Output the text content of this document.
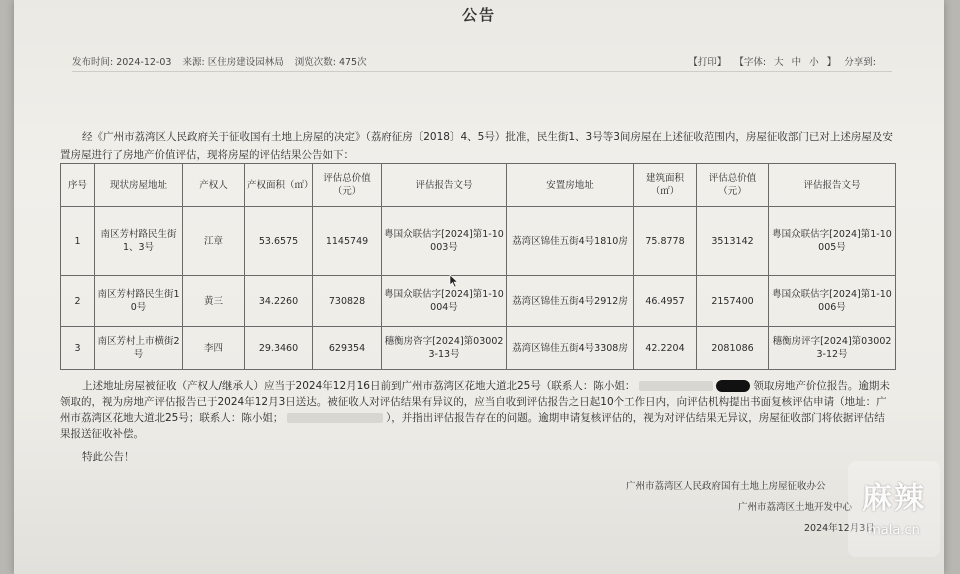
公告
发布时间: 2024-12-03 来源: 区住房建设园林局 浏览次数: 475次	【打印】 【字体: 大 中 小 】 分享到:
经《广州市荔湾区人民政府关于征收国有土地上房屋的决定》（荔府征房〔2018〕4、5号）批准，民生街1、3号等3间房屋在上述征收范围内，房屋征收部门已对上述房屋及安置房屋进行了房地产价值评估，现将房屋的评估结果公告如下：
序号	现状房屋地址	产权人	产权面积（㎡）	评估总价值（元）	评估报告文号	安置房地址	建筑面积（㎡）	评估总价值（元）	评估报告文号
1	南区芳村路民生街1、3号	江章	53.6575	1145749	粤国众联估字[2024]第1-10003号	荔湾区锦佳五街4号1810房	75.8778	3513142	粤国众联估字[2024]第1-10005号
2	南区芳村路民生街10号	黄三	34.2260	730828	粤国众联估字[2024]第1-10004号	荔湾区锦佳五街4号2912房	46.4957	2157400	粤国众联估字[2024]第1-10006号
3	南区芳村上市横街2号	李四	29.3460	629354	穗衡房咨字[2024]第030023-13号	荔湾区锦佳五街4号3308房	42.2204	2081086	穗衡房评字[2024]第030023-12号
上述地址房屋被征收（产权人/继承人）应当于2024年12月16日前到广州市荔湾区花地大道北25号（联系人：陈小姐：	领取房地产价位报告。逾期未领取的，视为房地产评估报告已于2024年12月3日送达。被征收人对评估结果有异议的，应当自收到评估报告之日起10个工作日内，向评估机构提出书面复核评估申请（地址：广州市荔湾区花地大道北25号；联系人：陈小姐；	），并指出评估报告存在的问题。逾期申请复核评估的，视为对评估结果无异议，房屋征收部门将依据评估结果报送征收补偿。
特此公告！
广州市荔湾区人民政府国有土地上房屋征收办公
广州市荔湾区土地开发中心
2024年12月3日
麻辣
mala.cn
